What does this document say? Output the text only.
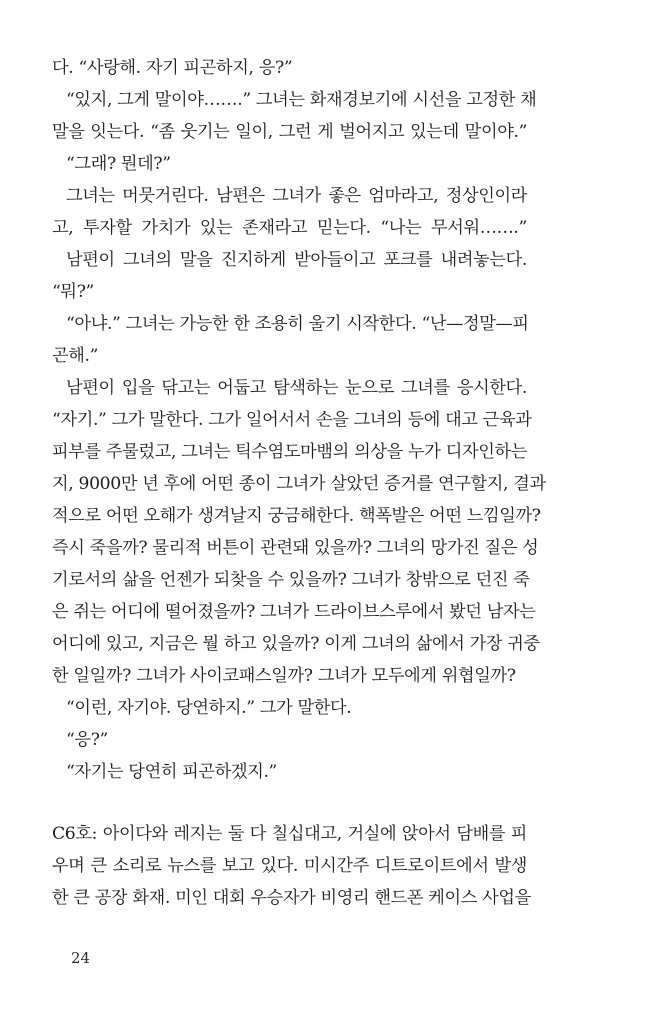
다. “사랑해. 자기 피곤하지, 응?”
“있지, 그게 말이야…….” 그녀는 화재경보기에 시선을 고정한 채
말을 잇는다. “좀 웃기는 일이, 그런 게 벌어지고 있는데 말이야.”
“그래? 뭔데?”
그녀는 머뭇거린다. 남편은 그녀가 좋은 엄마라고, 정상인이라
고, 투자할 가치가 있는 존재라고 믿는다. “나는 무서워…….”
남편이 그녀의 말을 진지하게 받아들이고 포크를 내려놓는다.
“뭐?”
“아냐.” 그녀는 가능한 한 조용히 울기 시작한다. “난—정말—피
곤해.”
남편이 입을 닦고는 어둡고 탐색하는 눈으로 그녀를 응시한다.
“자기.” 그가 말한다. 그가 일어서서 손을 그녀의 등에 대고 근육과
피부를 주물렀고, 그녀는 틱수염도마뱀의 의상을 누가 디자인하는
지, 9000만 년 후에 어떤 종이 그녀가 살았던 증거를 연구할지, 결과
적으로 어떤 오해가 생겨날지 궁금해한다. 핵폭발은 어떤 느낌일까?
즉시 죽을까? 물리적 버튼이 관련돼 있을까? 그녀의 망가진 질은 성
기로서의 삶을 언젠가 되찾을 수 있을까? 그녀가 창밖으로 던진 죽
은 쥐는 어디에 떨어졌을까? 그녀가 드라이브스루에서 봤던 남자는
어디에 있고, 지금은 뭘 하고 있을까? 이게 그녀의 삶에서 가장 귀중
한 일일까? 그녀가 사이코패스일까? 그녀가 모두에게 위협일까?
“이런, 자기야. 당연하지.” 그가 말한다.
“응?”
“자기는 당연히 피곤하겠지.”
C6호: 아이다와 레지는 둘 다 칠십대고, 거실에 앉아서 담배를 피
우며 큰 소리로 뉴스를 보고 있다. 미시간주 디트로이트에서 발생
한 큰 공장 화재. 미인 대회 우승자가 비영리 핸드폰 케이스 사업을
24
